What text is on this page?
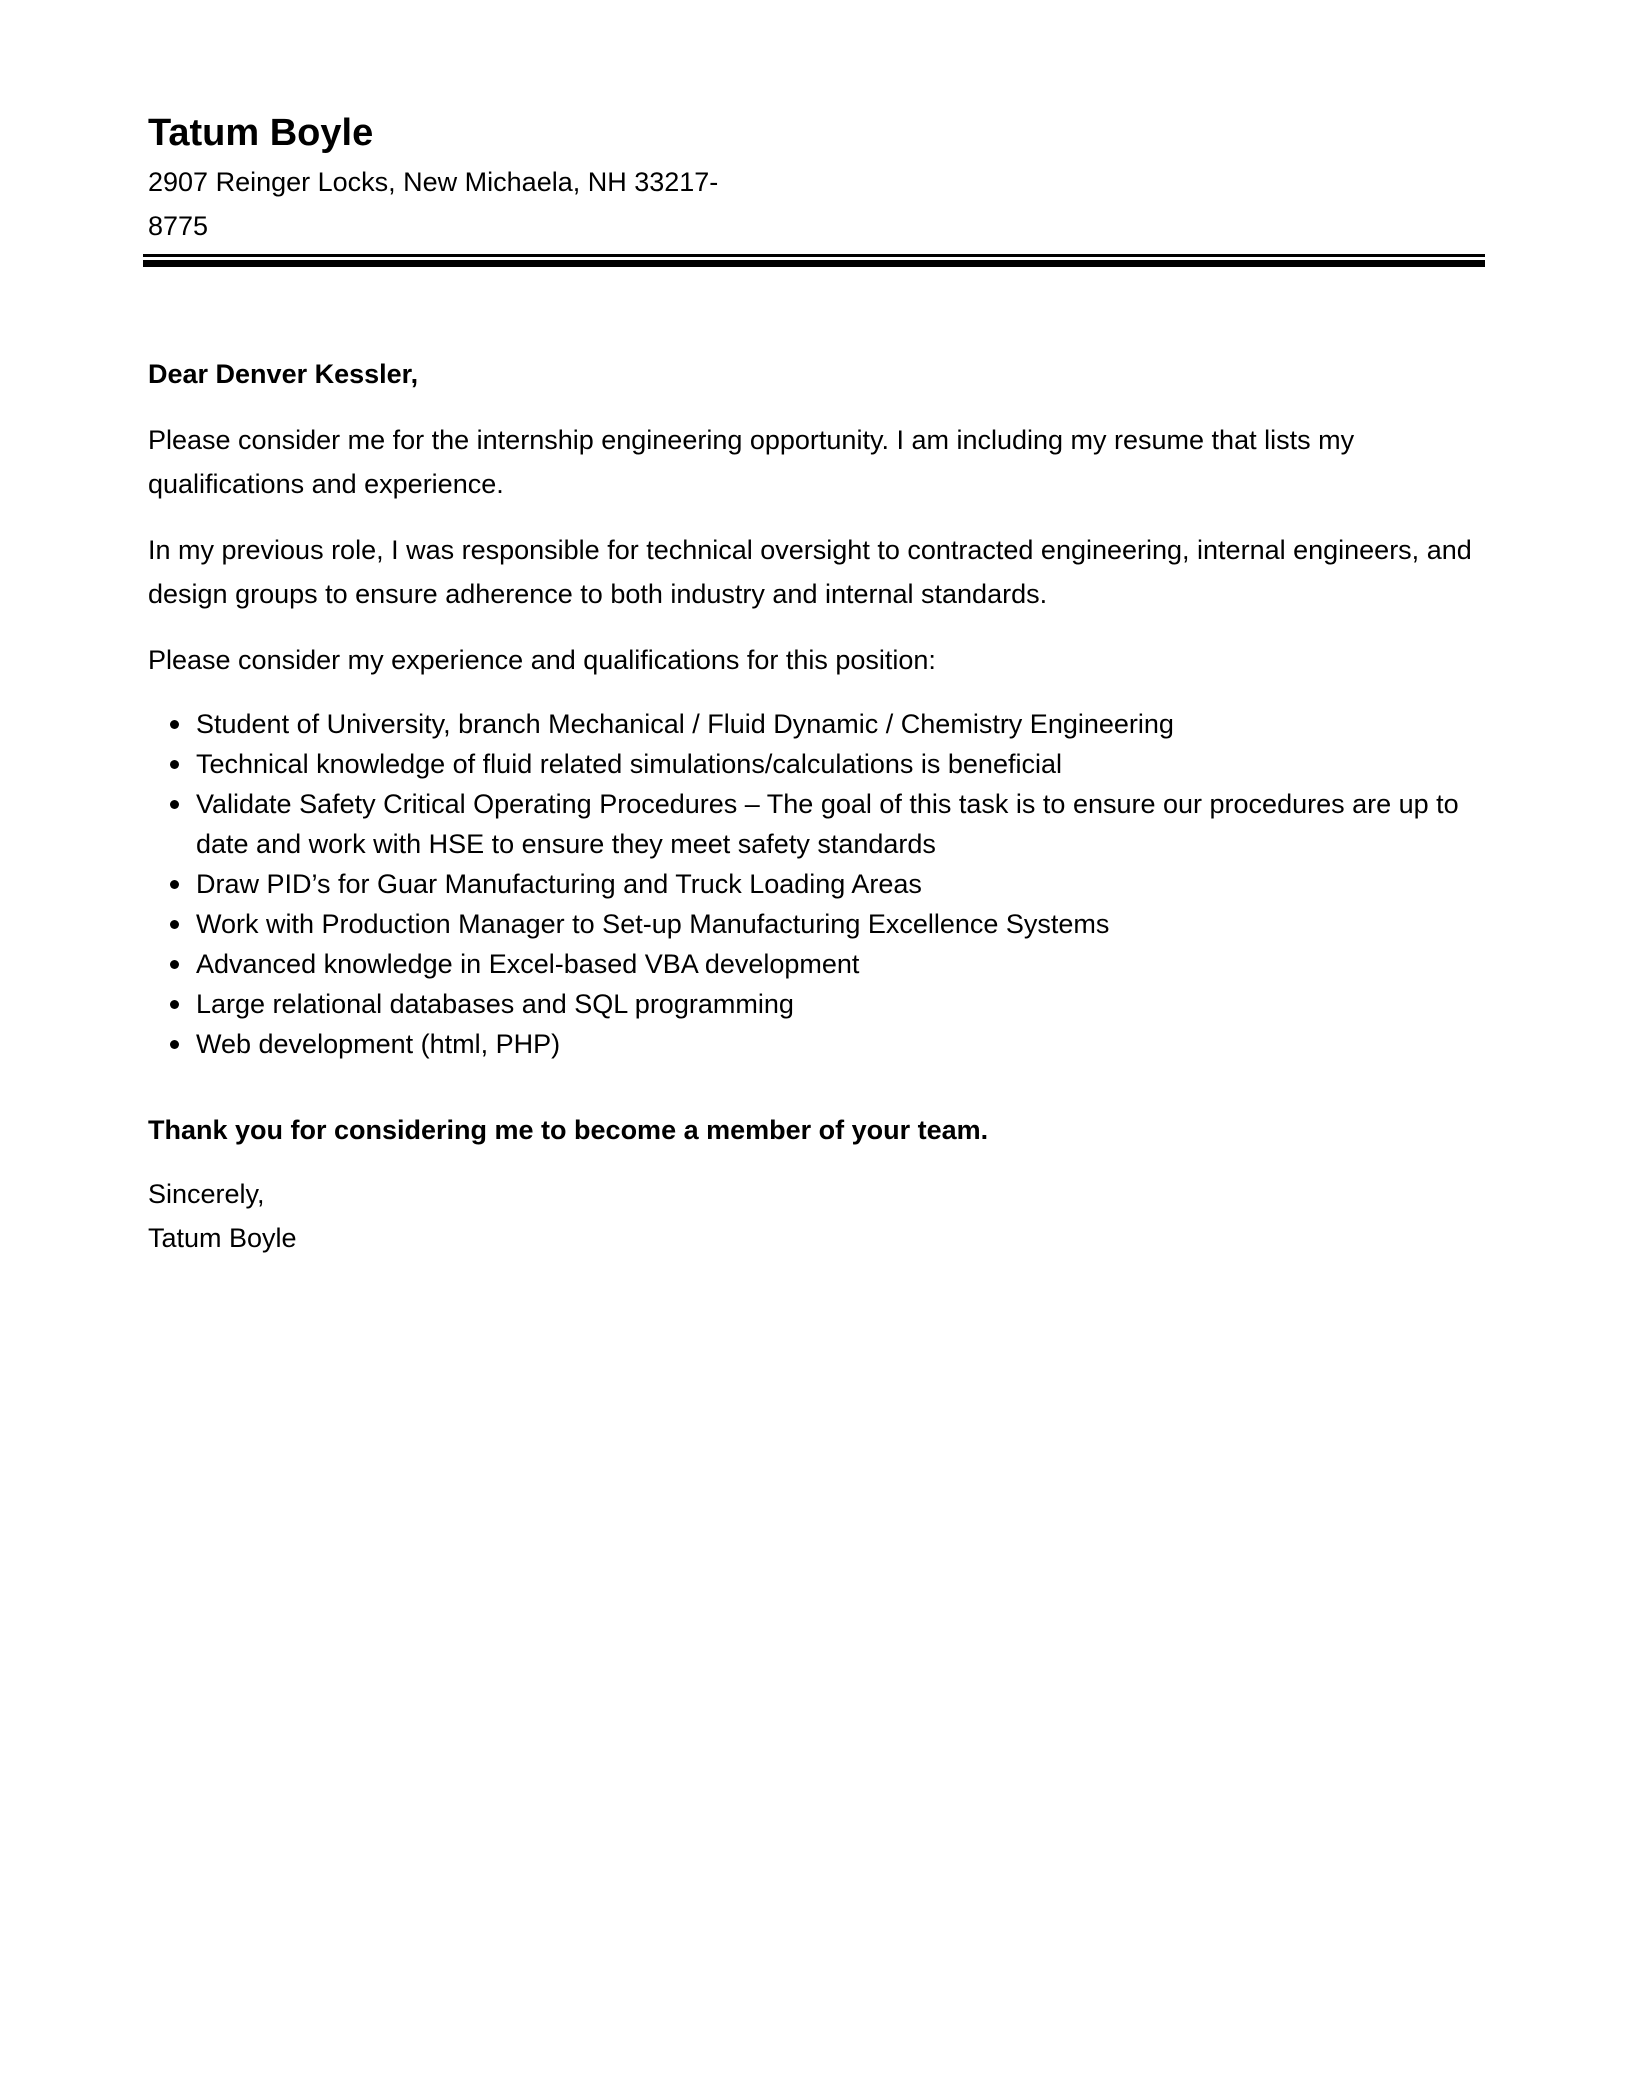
Tatum Boyle
2907 Reinger Locks, New Michaela, NH 33217-
8775

Dear Denver Kessler,

Please consider me for the internship engineering opportunity. I am including my resume that lists my qualifications and experience.

In my previous role, I was responsible for technical oversight to contracted engineering, internal engineers, and design groups to ensure adherence to both industry and internal standards.

Please consider my experience and qualifications for this position:

Student of University, branch Mechanical / Fluid Dynamic / Chemistry Engineering
Technical knowledge of fluid related simulations/calculations is beneficial
Validate Safety Critical Operating Procedures – The goal of this task is to ensure our procedures are up to date and work with HSE to ensure they meet safety standards
Draw PID’s for Guar Manufacturing and Truck Loading Areas
Work with Production Manager to Set-up Manufacturing Excellence Systems
Advanced knowledge in Excel-based VBA development
Large relational databases and SQL programming
Web development (html, PHP)

Thank you for considering me to become a member of your team.

Sincerely,

Tatum Boyle
